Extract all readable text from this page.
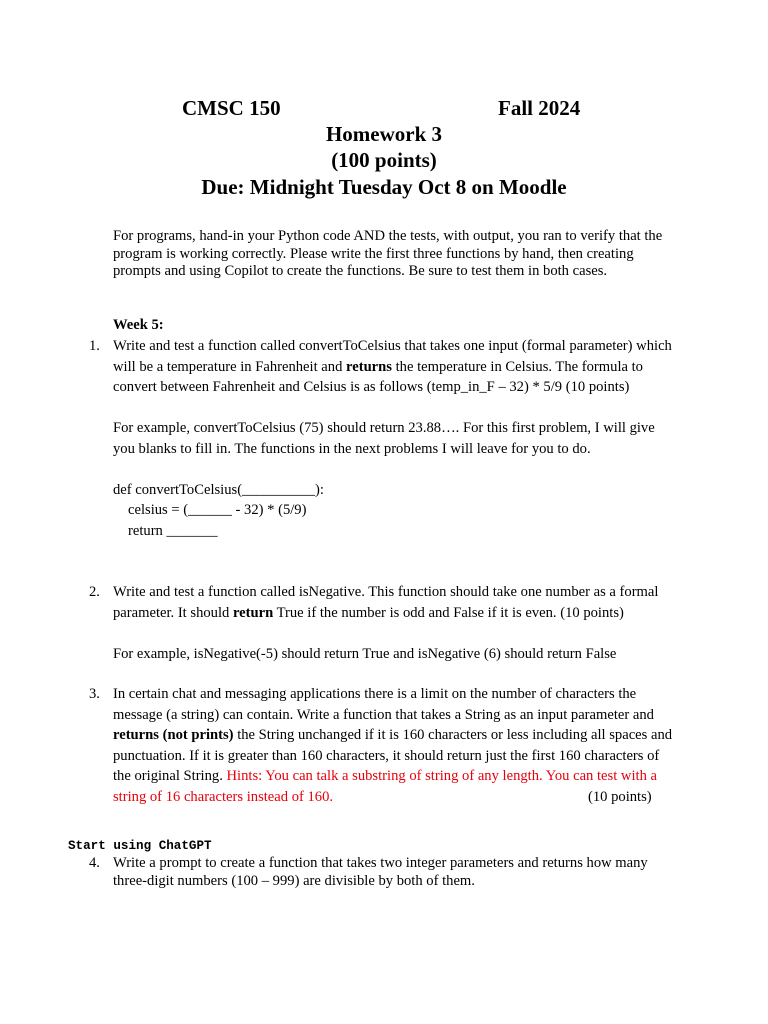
CMSC 150	Fall 2024
Homework 3
(100 points)
Due: Midnight Tuesday Oct 8 on Moodle
For programs, hand-in your Python code AND the tests, with output, you ran to verify that the
program is working correctly. Please write the first three functions by hand, then creating
prompts and using Copilot to create the functions. Be sure to test them in both cases.
Week 5:
1. Write and test a function called convertToCelsius that takes one input (formal parameter) which
will be a temperature in Fahrenheit and returns the temperature in Celsius. The formula to
convert between Fahrenheit and Celsius is as follows (temp_in_F – 32) * 5/9 (10 points)
For example, convertToCelsius (75) should return 23.88…. For this first problem, I will give
you blanks to fill in. The functions in the next problems I will leave for you to do.
def convertToCelsius(__________):
celsius = (______ - 32) * (5/9)
return _______
2. Write and test a function called isNegative. This function should take one number as a formal
parameter. It should return True if the number is odd and False if it is even. (10 points)
For example, isNegative(-5) should return True and isNegative (6) should return False
3. In certain chat and messaging applications there is a limit on the number of characters the
message (a string) can contain. Write a function that takes a String as an input parameter and
returns (not prints) the String unchanged if it is 160 characters or less including all spaces and
punctuation. If it is greater than 160 characters, it should return just the first 160 characters of
the original String. Hints: You can talk a substring of string of any length. You can test with a
string of 16 characters instead of 160.	(10 points)
Start using ChatGPT
4. Write a prompt to create a function that takes two integer parameters and returns how many
three-digit numbers (100 – 999) are divisible by both of them.
